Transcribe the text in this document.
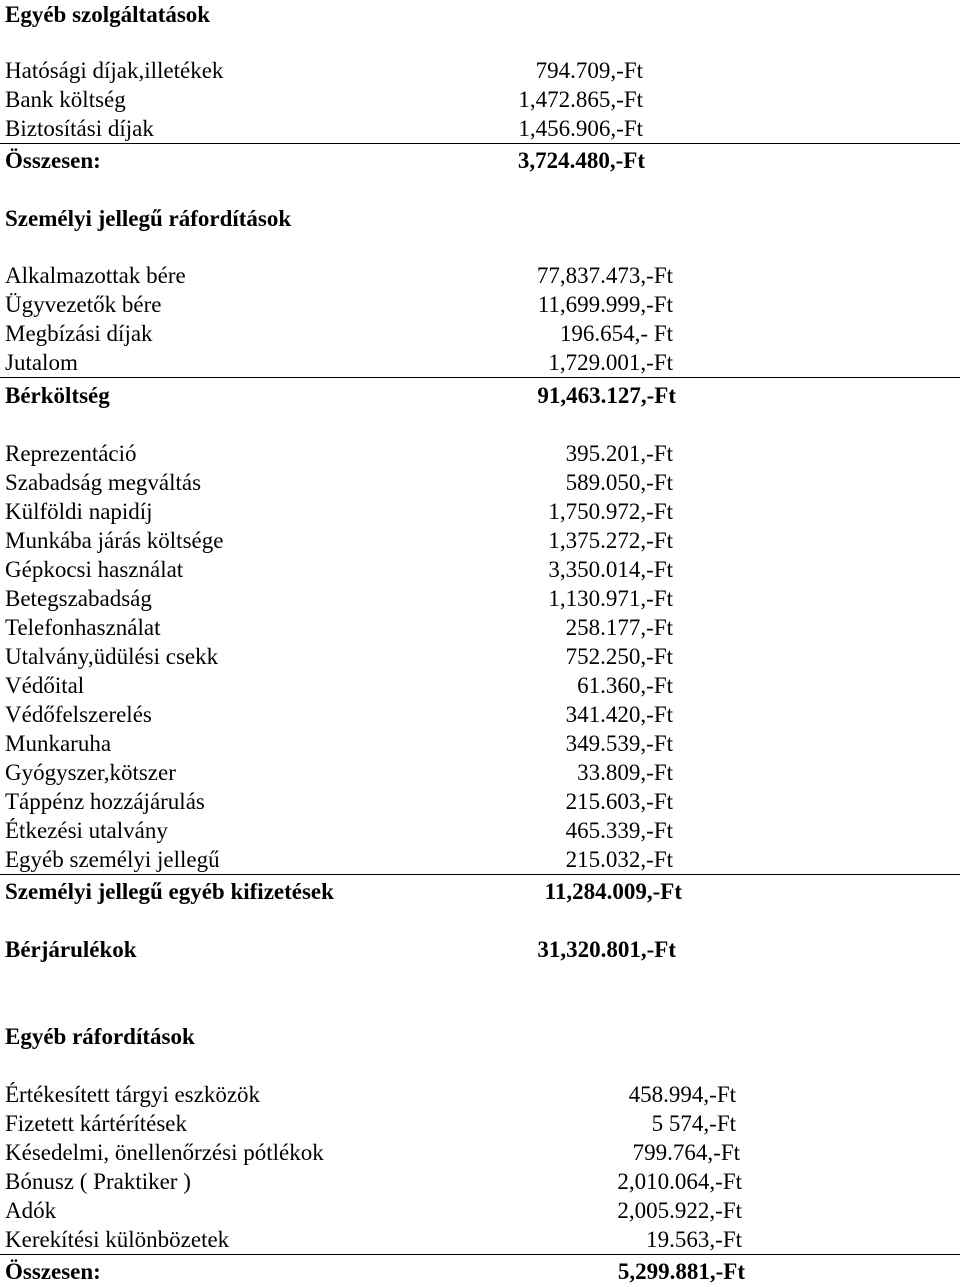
Egyéb szolgáltatások
Hatósági díjak,illetékek	794.709,-Ft
Bank költség	1,472.865,-Ft
Biztosítási díjak	1,456.906,-Ft
Összesen:	3,724.480,-Ft
Személyi jellegű ráfordítások
Alkalmazottak bére	77,837.473,-Ft
Ügyvezetők bére	11,699.999,-Ft
Megbízási díjak	196.654,- Ft
Jutalom	1,729.001,-Ft
Bérköltség	91,463.127,-Ft
Reprezentáció	395.201,-Ft
Szabadság megváltás	589.050,-Ft
Külföldi napidíj	1,750.972,-Ft
Munkába járás költsége	1,375.272,-Ft
Gépkocsi használat	3,350.014,-Ft
Betegszabadság	1,130.971,-Ft
Telefonhasználat	258.177,-Ft
Utalvány,üdülési csekk	752.250,-Ft
Védőital	61.360,-Ft
Védőfelszerelés	341.420,-Ft
Munkaruha	349.539,-Ft
Gyógyszer,kötszer	33.809,-Ft
Táppénz hozzájárulás	215.603,-Ft
Étkezési utalvány	465.339,-Ft
Egyéb személyi jellegű	215.032,-Ft
Személyi jellegű egyéb kifizetések	11,284.009,-Ft
Bérjárulékok	31,320.801,-Ft
Egyéb ráfordítások
Értékesített tárgyi eszközök	458.994,-Ft
Fizetett kártérítések	5 574,-Ft
Késedelmi, önellenőrzési pótlékok	799.764,-Ft
Bónusz ( Praktiker )	2,010.064,-Ft
Adók	2,005.922,-Ft
Kerekítési különbözetek	19.563,-Ft
Összesen:	5,299.881,-Ft
